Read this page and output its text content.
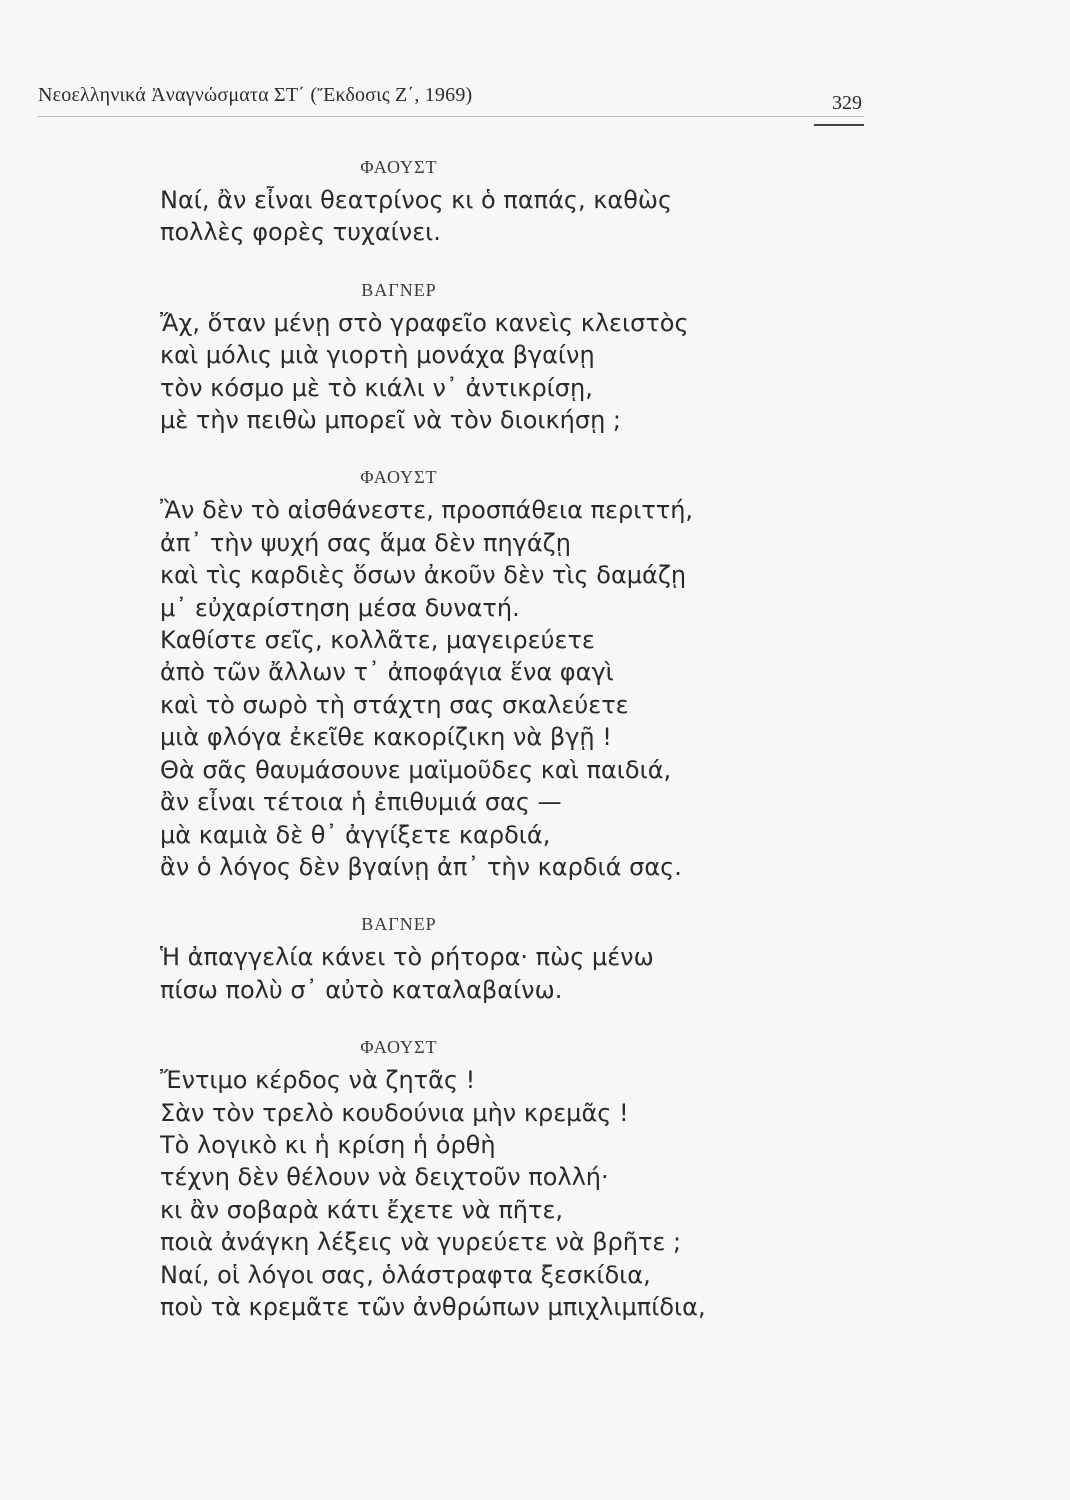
Νεοελληνικά Ἀναγνώσματα ΣΤ΄ (Ἔκδοσις Ζ΄, 1969)	329

ΦΑΟΥΣΤ

Ναί, ἂν εἶναι θεατρίνος κι ὁ παπάς, καθὼς

πολλὲς φορὲς τυχαίνει.

ΒΑΓΝΕΡ

Ἄχ, ὅταν μένῃ στὸ γραφεῖο κανεὶς κλειστὸς

καὶ μόλις μιὰ γιορτὴ μονάχα βγαίνῃ

τὸν κόσμο μὲ τὸ κιάλι ν᾿ ἀντικρίσῃ,

μὲ τὴν πειθὼ μπορεῖ νὰ τὸν διοικήσῃ ;

ΦΑΟΥΣΤ

Ἂν δὲν τὸ αἰσθάνεστε, προσπάθεια περιττή,

ἀπ᾿ τὴν ψυχή σας ἅμα δὲν πηγάζῃ

καὶ τὶς καρδιὲς ὅσων ἀκοῦν δὲν τὶς δαμάζῃ

μ᾿ εὐχαρίστηση μέσα δυνατή.

Καθίστε σεῖς, κολλᾶτε, μαγειρεύετε

ἀπὸ τῶν ἄλλων τ᾿ ἀποφάγια ἕνα φαγὶ

καὶ τὸ σωρὸ τὴ στάχτη σας σκαλεύετε

μιὰ φλόγα ἐκεῖθε κακορίζικη νὰ βγῇ !

Θὰ σᾶς θαυμάσουνε μαϊμοῦδες καὶ παιδιά,

ἂν εἶναι τέτοια ἡ ἐπιθυμιά σας —

μὰ καμιὰ δὲ θ᾿ ἀγγίξετε καρδιά,

ἂν ὁ λόγος δὲν βγαίνῃ ἀπ᾿ τὴν καρδιά σας.

ΒΑΓΝΕΡ

Ἡ ἀπαγγελία κάνει τὸ ρήτορα· πὼς μένω

πίσω πολὺ σ᾿ αὐτὸ καταλαβαίνω.

ΦΑΟΥΣΤ

Ἔντιμο κέρδος νὰ ζητᾶς !

Σὰν τὸν τρελὸ κουδούνια μὴν κρεμᾶς !

Τὸ λογικὸ κι ἡ κρίση ἡ ὀρθὴ

τέχνη δὲν θέλουν νὰ δειχτοῦν πολλή·

κι ἂν σοβαρὰ κάτι ἔχετε νὰ πῆτε,

ποιὰ ἀνάγκη λέξεις νὰ γυρεύετε νὰ βρῆτε ;

Ναί, οἱ λόγοι σας, ὁλάστραφτα ξεσκίδια,

ποὺ τὰ κρεμᾶτε τῶν ἀνθρώπων μπιχλιμπίδια,
